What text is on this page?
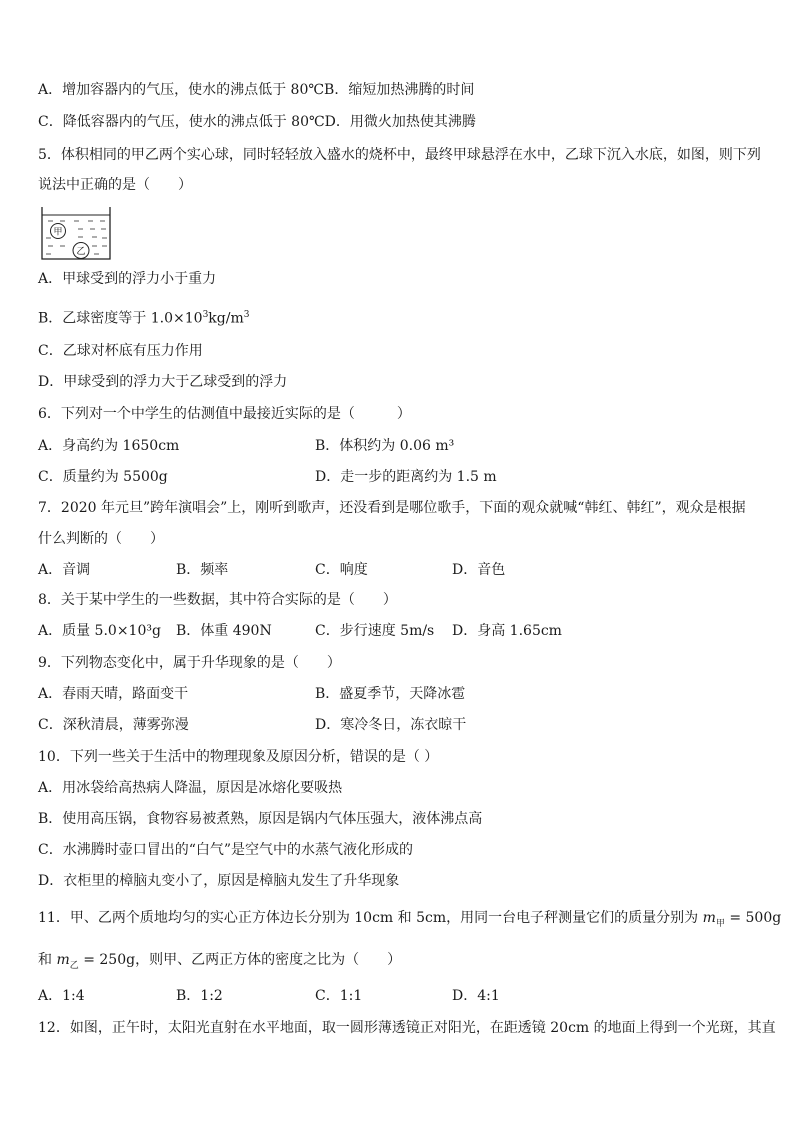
A．增加容器内的气压，使水的沸点低于 80℃B．缩短加热沸腾的时间
C．降低容器内的气压，使水的沸点低于 80℃D．用微火加热使其沸腾
5．体积相同的甲乙两个实心球，同时轻轻放入盛水的烧杯中，最终甲球悬浮在水中，乙球下沉入水底，如图，则下列
说法中正确的是（　　）
甲
乙
A．甲球受到的浮力小于重力
B．乙球密度等于 $1.0\times 10^3kg/m^3$
C．乙球对杯底有压力作用
D．甲球受到的浮力大于乙球受到的浮力
6．下列对一个中学生的估测值中最接近实际的是（　　　）
A．身高约为 1650cm	B．体积约为 0.06 m³
C．质量约为 5500g	D．走一步的距离约为 1.5 m
7．2020 年元旦”跨年演唱会”上，刚听到歌声，还没看到是哪位歌手，下面的观众就喊“韩红、韩红”，观众是根据
什么判断的（　　）
A．音调	B．频率	C．响度	D．音色
8．关于某中学生的一些数据，其中符合实际的是（　　）
A．质量 5.0×10³g B．体重 490N	C．步行速度 5m/s D．身高 1.65cm
9．下列物态变化中，属于升华现象的是（　　）
A．春雨天晴，路面变干	B．盛夏季节，天降冰雹
C．深秋清晨，薄雾弥漫	D．寒冷冬日，冻衣晾干
10．下列一些关于生活中的物理现象及原因分析，错误的是（ ）
A．用冰袋给高热病人降温，原因是冰熔化要吸热
B．使用高压锅，食物容易被煮熟，原因是锅内气体压强大，液体沸点高
C．水沸腾时壶口冒出的“白气”是空气中的水蒸气液化形成的
D．衣柜里的樟脑丸变小了，原因是樟脑丸发生了升华现象
11．甲、乙两个质地均匀的实心正方体边长分别为 10cm 和 5cm，用同一台电子秤测量它们的质量分别为 $m_甲 = 500g$
和 $m_乙 = 250g$，则甲、乙两正方体的密度之比为（　　）
A．1:4	B．1:2	C．1:1	D．4:1
12．如图，正午时，太阳光直射在水平地面，取一圆形薄透镜正对阳光，在距透镜 20cm 的地面上得到一个光斑，其直
